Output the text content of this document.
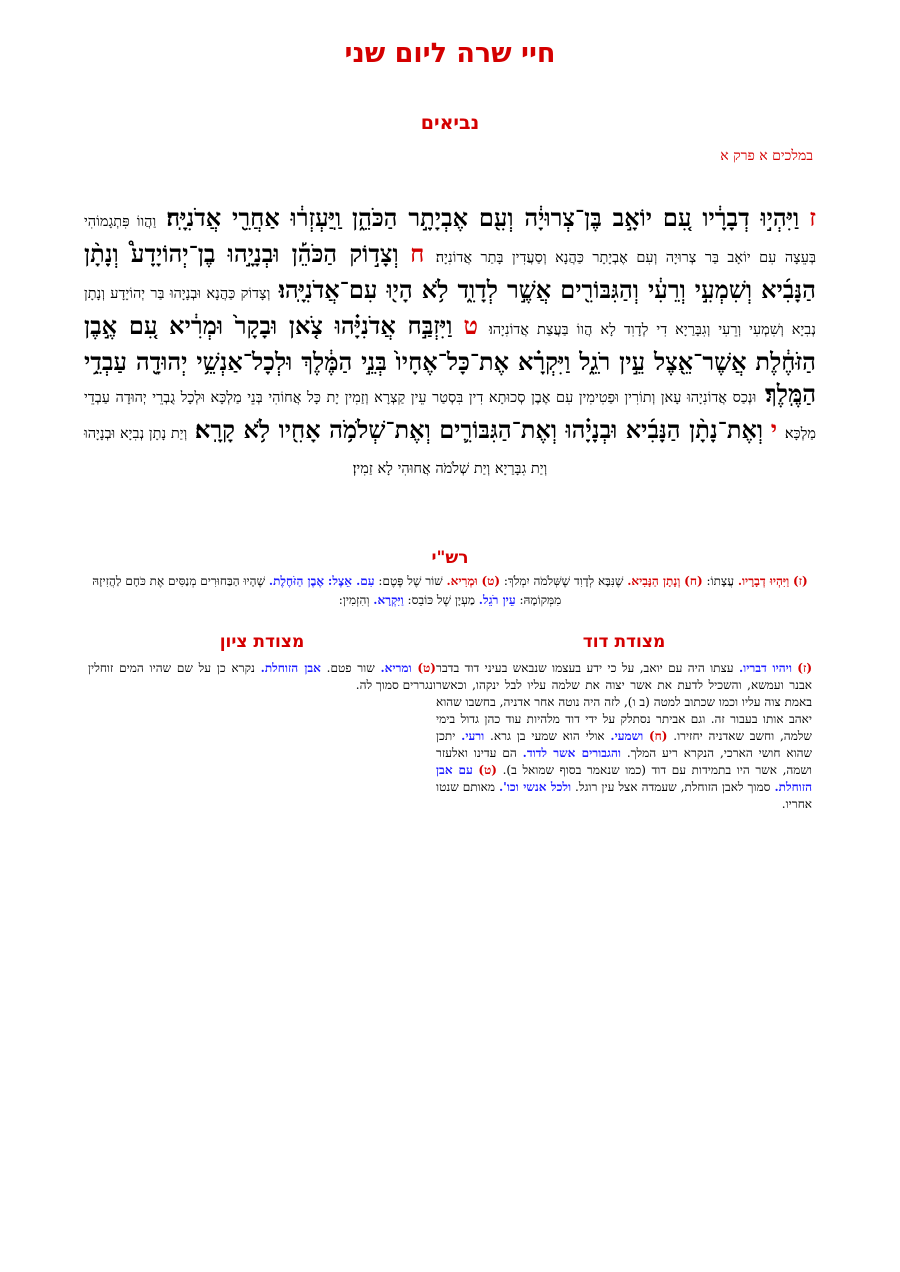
חיי שרה ליום שני
נביאים
במלכים א פרק א
ז וַיִּהְי֣וּ דְבָרָ֔יו עִ֚ם יוֹאָ֣ב בֶּן־צְרוּיָ֔ה וְעִ֖ם אֶבְיָתָ֣ר הַכֹּהֵ֑ן וַֽיַּעְזְר֔וּ אַחֲרֵ֖י אֲדֹנִיָּֽה׃ וַהֲווֹ פִּתְגָמוֹהִי בְּעֵצָה עִם יוֹאָב בַּר צְרוּיָה וְעִם אֶבְיָתָר כַּהֲנָא וְסַעֲדִין בָּתַר אֲדוֹנִיָה׃ ח וְצָד֣וֹק הַכֹּהֵ֡ן וּבְנָיָ֣הוּ בֶן־יְהוֹיָדָע֩ וְנָתָ֨ן הַנָּבִ֜יא וְשִׁמְעִ֣י וְרֵעִ֔י וְהַגִּבּוֹרִ֖ים אֲשֶׁ֣ר לְדָוִ֑ד לֹ֥א הָי֖וּ עִם־אֲדֹנִיָּֽהוּ׃ וְצָדוֹק כַּהֲנָא וּבְנָיָהוּ בַּר יְהוֹיָדָע וְנָתָן נְבִיָא וְשִׁמְעִי וְרֵעִי וְגִבָּרַיָא דִי לְדָוִד לָא הֲווֹ בַּעֲצַת אֲדוֹנִיָהוּ׃ ט וַיִּזְבַּ֣ח אֲדֹנִיָּ֗הוּ צֹ֤אן וּבָקָר֙ וּמְרִ֔יא עִ֚ם אֶ֣בֶן הַזֹּחֶ֔לֶת אֲשֶׁר־אֵ֖צֶל עֵ֣ין רֹגֵ֑ל וַיִּקְרָ֗א אֶת־כָּל־אֶחָיו֙ בְּנֵ֣י הַמֶּ֔לֶךְ וּלְכָל־אַנְשֵׁ֥י יְהוּדָ֖ה עַבְדֵ֥י הַמֶּֽלֶךְ׃ וּנְכַס אֲדוֹנִיָהוּ עָאן וְתוֹרִין וּפַטִימִין עִם אֶבֶן סְכוּתָא דִין בִּסְטַר עֵין קַצְרָא וְזַמִין יָת כָּל אֲחוֹהִי בְּנֵי מַלְכָּא וּלְכָל גֻבְרֵי יְהוּדָה עַבְדֵי מַלְכָּא׃ י וְאֶת־נָתָ֨ן הַנָּבִ֜יא וּבְנָיָ֗הוּ וְאֶת־הַגִּבּוֹרִ֛ים וְאֶת־שְׁלֹמֹ֥ה אָחִ֖יו לֹ֥א קָרָֽא׃ וְיַת נָתָן נְבִיָא וּבְנָיָהוּ וְיַת גִבָּרַיָא וְיַת שְׁלֹמֹה אֲחוּהִי לָא זַמִין׃
רש"י
(ז) וַיִּהְיוּ דְבָרָיו. עֲצָתוֹ: (ח) וְנָתָן הַנָּבִיא. שֶׁנִּבָּא לְדָוִד שֶׁשְּׁלֹמֹה יִמְלֹךְ: (ט) וּמְרִיא. שׁוֹר שֶׁל פֶּטֶם: עִם. אֵצֶל: אֶבֶן הַזֹּחֶלֶת. שֶׁהָיוּ הַבַּחוּרִים מְנַסִּים אֶת כֹּחָם לַהֲזִיזָהּ מִמְּקוֹמָהּ: עֵין רֹגֵל. מַעְיָן שֶׁל כּוֹבֵס: וַיִּקְרָא. וְהִזְמִין:
מצודת דוד
מצודת ציון
(ט) ומריא. שור פטם. אבן הזוחלת. נקרא כן על שם שהיו המים זוחלין ונגררים סמוך לה.
(ז) ויהיו דבריו. עצתו היה עם יואב, על כי ידע בעצמו שנבאש בעיני דוד בדבר אבנר ועמשא, והשכיל לדעת את אשר יצוה את שלמה עליו לבל ינקהו, וכאשר באמת צוה עליו וכמו שכתוב למטה (ב ו), לזה היה נוטה אחר אדניה, בחשבו שהוא יאהב אותו בעבור זה. וגם אביתר נסתלק על ידי דוד מלהיות עוד כהן גדול בימי שלמה, וחשב שאדניה יחזירו. (ח) ושמעי. אולי הוא שמעי בן גרא. ורעי. יתכן שהוא חושי הארכי, הנקרא ריע המלך. והגבורים אשר לדוד. הם עדינו ואלעזר ושמה, אשר היו בתמידות עם דוד (כמו שנאמר בסוף שמואל ב). (ט) עם אבן הזוחלת. סמוך לאבן הזוחלת, שעמדה אצל עין רוגל. ולכל אנשי וכו'. מאותם שנטו אחריו.
